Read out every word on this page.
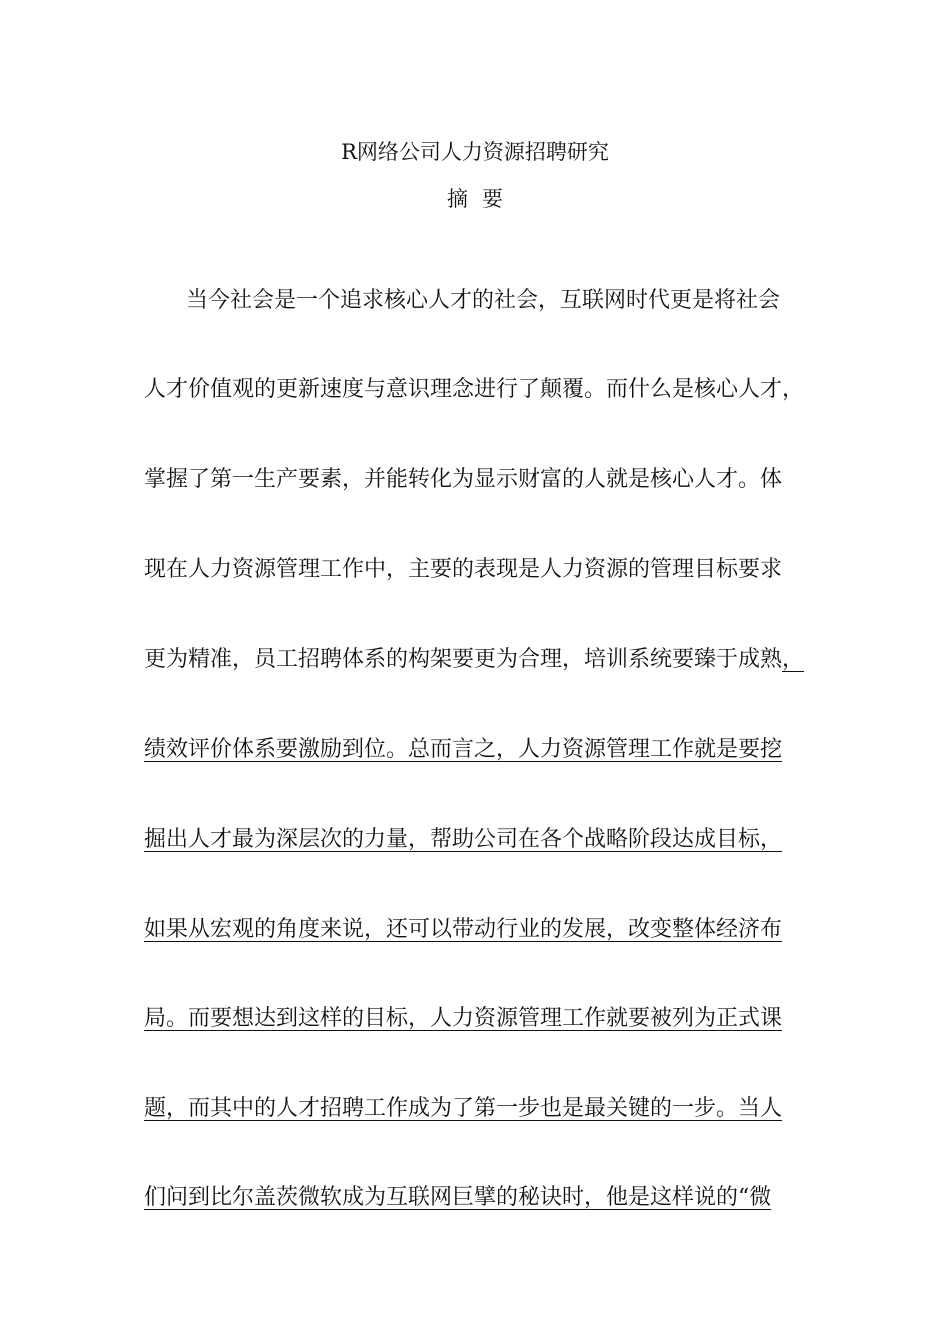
R网络公司人力资源招聘研究
摘要
当今社会是一个追求核心人才的社会，互联网时代更是将社会
人才价值观的更新速度与意识理念进行了颠覆。而什么是核心人才，
掌握了第一生产要素，并能转化为显示财富的人就是核心人才。体
现在人力资源管理工作中，主要的表现是人力资源的管理目标要求
更为精准，员工招聘体系的构架要更为合理，培训系统要臻于成熟，
绩效评价体系要激励到位。总而言之，人力资源管理工作就是要挖
掘出人才最为深层次的力量，帮助公司在各个战略阶段达成目标，
如果从宏观的角度来说，还可以带动行业的发展，改变整体经济布
局。而要想达到这样的目标，人力资源管理工作就要被列为正式课
题，而其中的人才招聘工作成为了第一步也是最关键的一步。当人
们问到比尔盖茨微软成为互联网巨擘的秘诀时，他是这样说的“微
